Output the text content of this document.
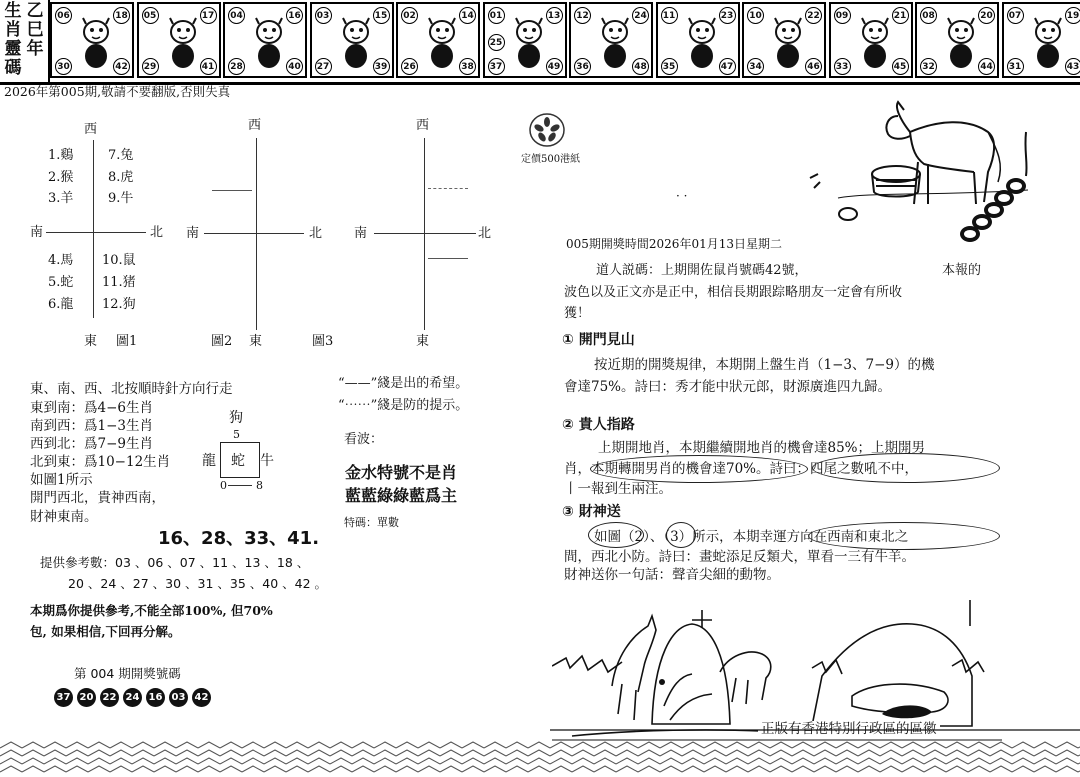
生
肖
靈
碼
乙
巳
年
06	18
30	42
05	17
29	41
04	16
28	40
03	15
27	39
02	14
26	38
01	13
25
37	49
12	24
36	48
11	23
35	47
10	22
34	46
09	21
33	45
08	20
32	44
07	19
31	43
2026年第005期,敬請不要翻版,否則失真
西
南	北
東 圖1
1.鷄
2.猴
3.羊
4.馬
5.蛇
6.龍
7.兔
8.虎
9.牛
10.鼠
11.猪
12.狗
西
南	北
圖2 東	圖3
西
南	北
東
定價500港紙
· ·
東、南、西、北按順時針方向行走
東到南：爲4−6生肖
南到西：爲1−3生肖
西到北：爲7−9生肖
北到東：爲10−12生肖
如圖1所示
開門西北，貴神西南，
財神東南。
狗
5
龍 蛇 牛
0	8
“——”綫是出的希望。
“⋯⋯”綫是防的提示。
看波：
金水特號不是肖
藍藍綠綠藍爲主
特碼：單數
16、28、33、41.
提供參考數：03 、06 、07 、11 、13 、18 、
20 、24 、27 、30 、31 、35 、40 、42 。
本期爲你提供參考,不能全部100%, 但70%
包, 如果相信,下回再分解。
第 004 期開獎號碼
37 20 22 24 16 03 42
005期開獎時間2026年01月13日星期二
道人説碼：上期開佐鼠肖號碼42號，	本報的
波色以及正文亦是正中，相信長期跟踪略朋友一定會有所收
獲！
① 開門見山
按近期的開獎規律，本期開上盤生肖（1−3、7−9）的機
會達75%。詩曰：秀才能中狀元郎，財源廣進四九歸。
② 貴人指路
上期開地肖，本期繼續開地肖的機會達85%；上期開男
肖，本期轉開男肖的機會達70%。詩曰：四尾之數吼不中，
丨一報到生兩注。
③ 財神送
如圖（2）、（3）所示，本期幸運方向在西南和東北之
間，西北小防。詩曰：畫蛇添足反類犬，單看一三有牛羊。
財神送你一句話：聲音尖細的動物。
正版有香港特別行政區的區徽
